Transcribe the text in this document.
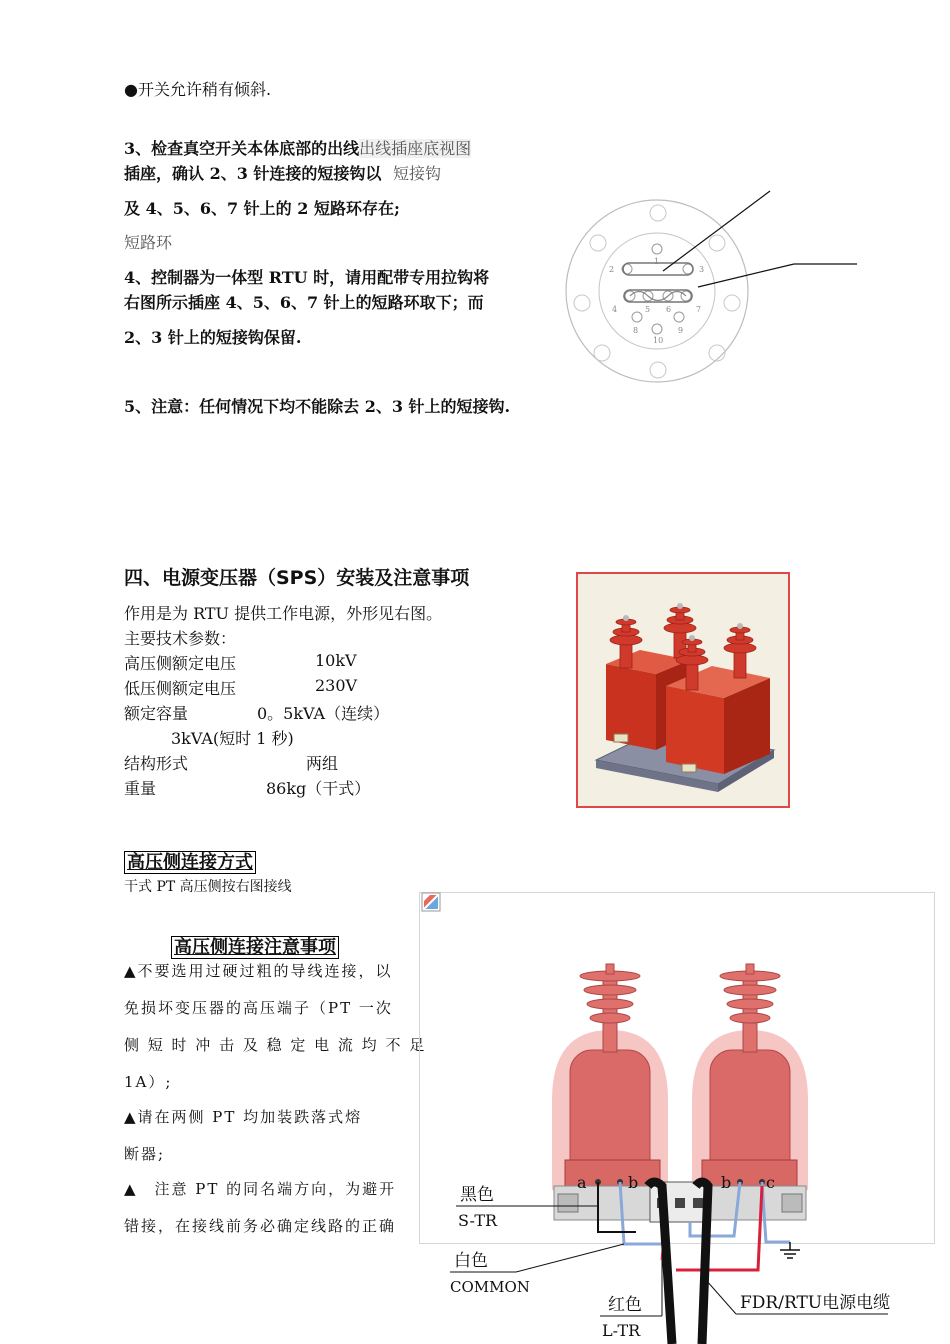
●开关允许稍有倾斜.
3、检查真空开关本体底部的出线出线插座底视图
插座，确认 2、3 针连接的短接钩以 短接钩
及 4、5、6、7 针上的 2 短路环存在;
短路环
4、控制器为一体型 RTU 时，请用配带专用拉钩将
右图所示插座 4、5、6、7 针上的短路环取下；而
2、3 针上的短接钩保留.
5、注意：任何情况下均不能除去 2、3 针上的短接钩.
1
2	3
4	5 6	7
8	9
10
四、电源变压器（SPS）安装及注意事项
作用是为 RTU 提供工作电源，外形见右图。
主要技术参数：
高压侧额定电压	10kV
低压侧额定电压	230V
额定容量	0。5kVA（连续）
3kVA(短时 1 秒)
结构形式	两组
重量	86kg（干式）
高压侧连接方式
干式 PT 高压侧按右图接线
高压侧连接注意事项
▲不要选用过硬过粗的导线连接，以
免损坏变压器的高压端子（PT 一次
侧 短 时 冲 击 及 稳 定 电 流 均 不 足
1A）;
▲请在两侧 PT 均加装跌落式熔
断器;
▲　注意 PT 的同名端方向，为避开
错接，在接线前务必确定线路的正确
a	b	b c
黑色
S-TR
白色
COMMON
红色
L-TR
FDR/RTU电源电缆
